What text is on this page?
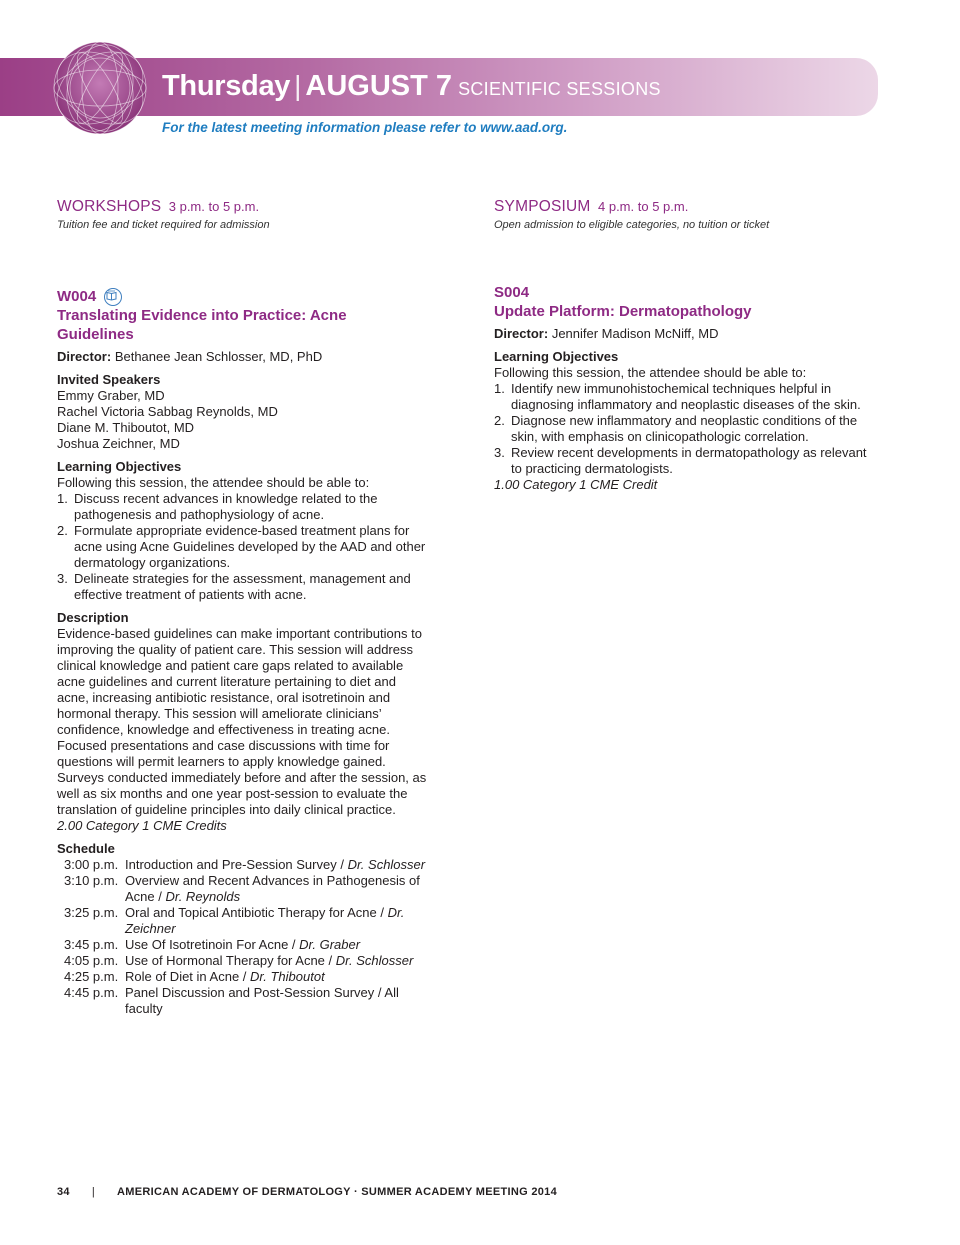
Thursday | AUGUST 7 SCIENTIFIC SESSIONS
For the latest meeting information please refer to www.aad.org.
WORKSHOPS 3 p.m. to 5 p.m.
Tuition fee and ticket required for admission
SYMPOSIUM 4 p.m. to 5 p.m.
Open admission to eligible categories, no tuition or ticket
W004
Translating Evidence into Practice: Acne Guidelines
Director: Bethanee Jean Schlosser, MD, PhD
Invited Speakers
Emmy Graber, MD
Rachel Victoria Sabbag Reynolds, MD
Diane M. Thiboutot, MD
Joshua Zeichner, MD
Learning Objectives
Following this session, the attendee should be able to:
1. Discuss recent advances in knowledge related to the pathogenesis and pathophysiology of acne.
2. Formulate appropriate evidence-based treatment plans for acne using Acne Guidelines developed by the AAD and other dermatology organizations.
3. Delineate strategies for the assessment, management and effective treatment of patients with acne.
Description
Evidence-based guidelines can make important contributions to improving the quality of patient care. This session will address clinical knowledge and patient care gaps related to available acne guidelines and current literature pertaining to diet and acne, increasing antibiotic resistance, oral isotretinoin and hormonal therapy. This session will ameliorate clinicians’ confidence, knowledge and effectiveness in treating acne. Focused presentations and case discussions with time for questions will permit learners to apply knowledge gained. Surveys conducted immediately before and after the session, as well as six months and one year post-session to evaluate the translation of guideline principles into daily clinical practice.
2.00 Category 1 CME Credits
Schedule
3:00 p.m.	Introduction and Pre-Session Survey / Dr. Schlosser
3:10 p.m.	Overview and Recent Advances in Pathogenesis of Acne / Dr. Reynolds
3:25 p.m.	Oral and Topical Antibiotic Therapy for Acne / Dr. Zeichner
3:45 p.m.	Use Of Isotretinoin For Acne / Dr. Graber
4:05 p.m.	Use of Hormonal Therapy for Acne / Dr. Schlosser
4:25 p.m.	Role of Diet in Acne / Dr. Thiboutot
4:45 p.m.	Panel Discussion and Post-Session Survey / All faculty
S004
Update Platform: Dermatopathology
Director: Jennifer Madison McNiff, MD
Learning Objectives
Following this session, the attendee should be able to:
1. Identify new immunohistochemical techniques helpful in diagnosing inflammatory and neoplastic diseases of the skin.
2. Diagnose new inflammatory and neoplastic conditions of the skin, with emphasis on clinicopathologic correlation.
3. Review recent developments in dermatopathology as relevant to practicing dermatologists.
1.00 Category 1 CME Credit
34 | AMERICAN ACADEMY OF DERMATOLOGY · SUMMER ACADEMY MEETING 2014
